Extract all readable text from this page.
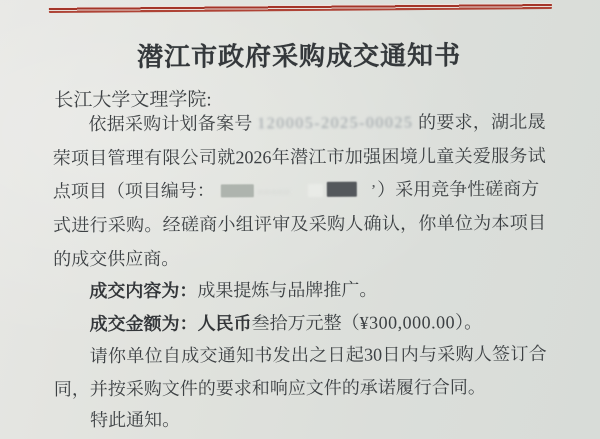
潜江市政府采购成交通知书
长江大学文理学院:
依据采购计划备案号 120005-2025-00025 的要求，湖北晟
荣项目管理有限公司就2026年潜江市加强困境儿童关爱服务试
点项目（项目编号：	-----	’）采用竞争性磋商方
式进行采购。经磋商小组评审及采购人确认，你单位为本项目
的成交供应商。
成交内容为：成果提炼与品牌推广。
成交金额为：人民币叁拾万元整（¥300,000.00）。
请你单位自成交通知书发出之日起30日内与采购人签订合
同，并按采购文件的要求和响应文件的承诺履行合同。
特此通知。
